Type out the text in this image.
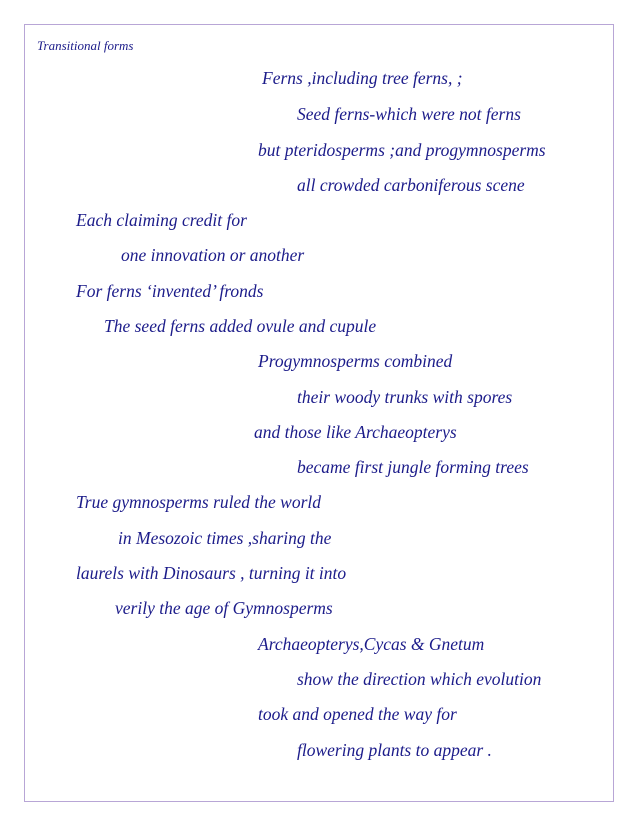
Transitional forms
Ferns ,including tree ferns, ;
Seed ferns-which were not ferns
but pteridosperms ;and progymnosperms
all crowded carboniferous scene
Each claiming credit for
one innovation or another
For ferns ‘invented’ fronds
The seed ferns added ovule and cupule
Progymnosperms combined
their woody trunks with spores
and those like Archaeopterys
became first jungle forming trees
True gymnosperms ruled the world
in Mesozoic times ,sharing the
laurels with Dinosaurs , turning it into
verily the age of Gymnosperms
Archaeopterys,Cycas & Gnetum
show the direction which evolution
took and opened the way for
flowering plants to appear .
